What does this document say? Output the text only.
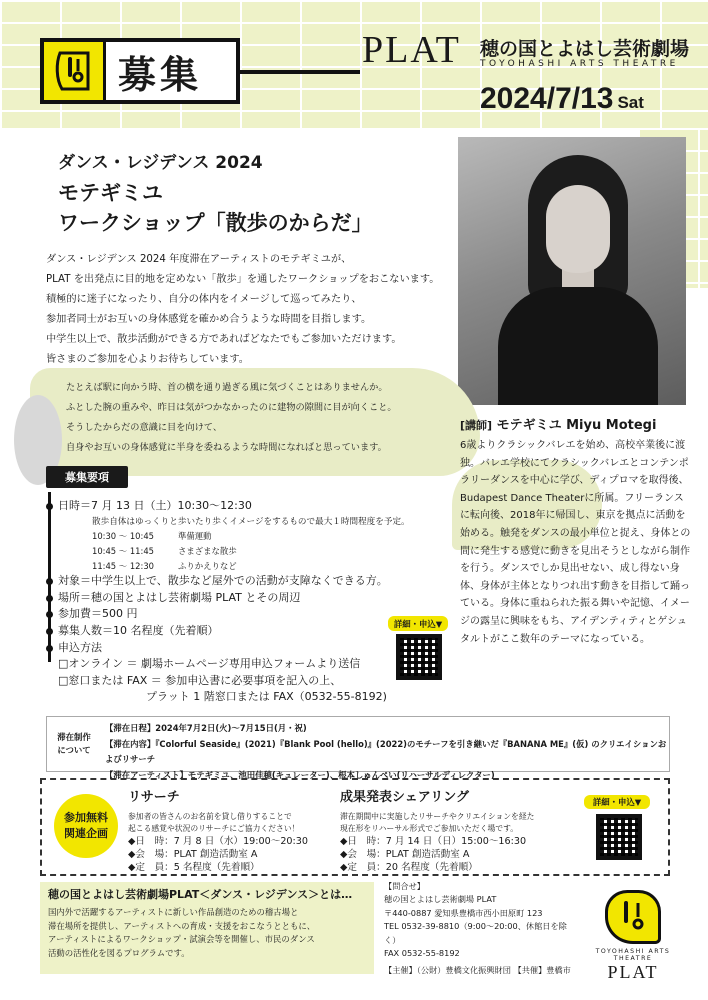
募集
PLAT 穂の国とよはし芸術劇場
TOYOHASHI ARTS THEATRE
2024/7/13 Sat
ダンス・レジデンス 2024
モテギミユ
ワークショップ「散歩のからだ」
ダンス・レジデンス 2024 年度滞在アーティストのモテギミユが、
PLAT を出発点に目的地を定めない「散歩」を通したワークショップをおこないます。
積極的に迷子になったり、自分の体内をイメージして巡ってみたり、
参加者同士がお互いの身体感覚を確かめ合うような時間を目指します。
中学生以上で、散歩活動ができる方であればどなたでもご参加いただけます。
皆さまのご参加を心よりお待ちしています。
たとえば駅に向かう時、首の横を通り過ぎる風に気づくことはありませんか。
ふとした腕の重みや、昨日は気がつかなかったのに建物の隙間に目が向くこと。
そうしたからだの意識に目を向けて、
自身やお互いの身体感覚に半身を委ねるような時間になればと思っています。
[講師] モテギミユ Miyu Motegi
6歳よりクラシックバレエを始め、高校卒業後に渡独。バレエ学校にてクラシックバレエとコンテンポラリーダンスを中心に学び、ディプロマを取得後、Budapest Dance Theaterに所属。フリーランスに転向後、2018年に帰国し、東京を拠点に活動を始める。触発をダンスの最小単位と捉え、身体との間に発生する感覚に動きを見出そうとしながら制作を行う。ダンスでしか見出せない、成し得ない身体、身体が主体となりつれ出す動きを目指して踊っている。身体に重ねられた振る舞いや記憶、イメージの露呈に興味をもち、アイデンティティとゲシュタルトがここ数年のテーマになっている。
募集要項
日時＝7 月 13 日（土）10:30〜12:30
散歩自体はゆっくりと歩いたり歩くイメージをするもので最大１時間程度を予定。
10:30 〜 10:45	準備運動
10:45 〜 11:45	さまざまな散歩
11:45 〜 12:30	ふりかえりなど
対象＝中学生以上で、散歩など屋外での活動が支障なくできる方。
場所＝穂の国とよはし芸術劇場 PLAT とその周辺
参加費＝500 円
募集人数＝10 名程度（先着順）
申込方法
□オンライン ＝ 劇場ホームページ専用申込フォームより送信
□窓口または FAX ＝ 参加申込書に必要事項を記入の上、
プラット 1 階窓口または FAX（0532-55-8192)
詳細・申込▼
滞在制作
について
【滞在日程】2024年7月2日(火)〜7月15日(月・祝)
【滞在内容】『Colorful Seaside』(2021)『Blank Pool (hello)』(2022)のモチーフを引き継いだ『BANANA ME』(仮) のクリエイションおよびリサーチ
【滞在アーティスト】モテギミユ、池田佳穂(キュレーター)、根本しゅんぺい(リハーサルディレクター)
参加無料
関連企画
リサーチ
参加者の皆さんのお名前を貸し借りすることで
起こる感覚や状況のリサーチにご協力ください！
◆日　時：7 月 8 日（水）19:00〜20:30
◆会　場：PLAT 創造活動室 A
◆定　員：5 名程度（先着順）
成果発表シェアリング
滞在期間中に実施したリサーチやクリエイションを経た
現在形をリハーサル形式でご参加いただく場です。
◆日　時：7 月 14 日（日）15:00〜16:30
◆会　場：PLAT 創造活動室 A
◆定　員：20 名程度（先着順）
詳細・申込▼
穂の国とよはし芸術劇場PLAT＜ダンス・レジデンス＞とは…
国内外で活躍するアーティストに新しい作品創造のための稽古場と
滞在場所を提供し、アーティストへの育成・支援をおこなうとともに、
アーティストによるワークショップ・試演会等を開催し、市民のダンス
活動の活性化を図るプログラムです。
【問合せ】
穂の国とよはし芸術劇場 PLAT
〒440-0887 愛知県豊橋市西小田原町 123
TEL 0532-39-8810（9:00〜20:00、休館日を除く）
FAX 0532-55-8192
【主催】（公財）豊橋文化振興財団 【共催】豊橋市
TOYOHASHI ARTS THEATRE
PLAT
